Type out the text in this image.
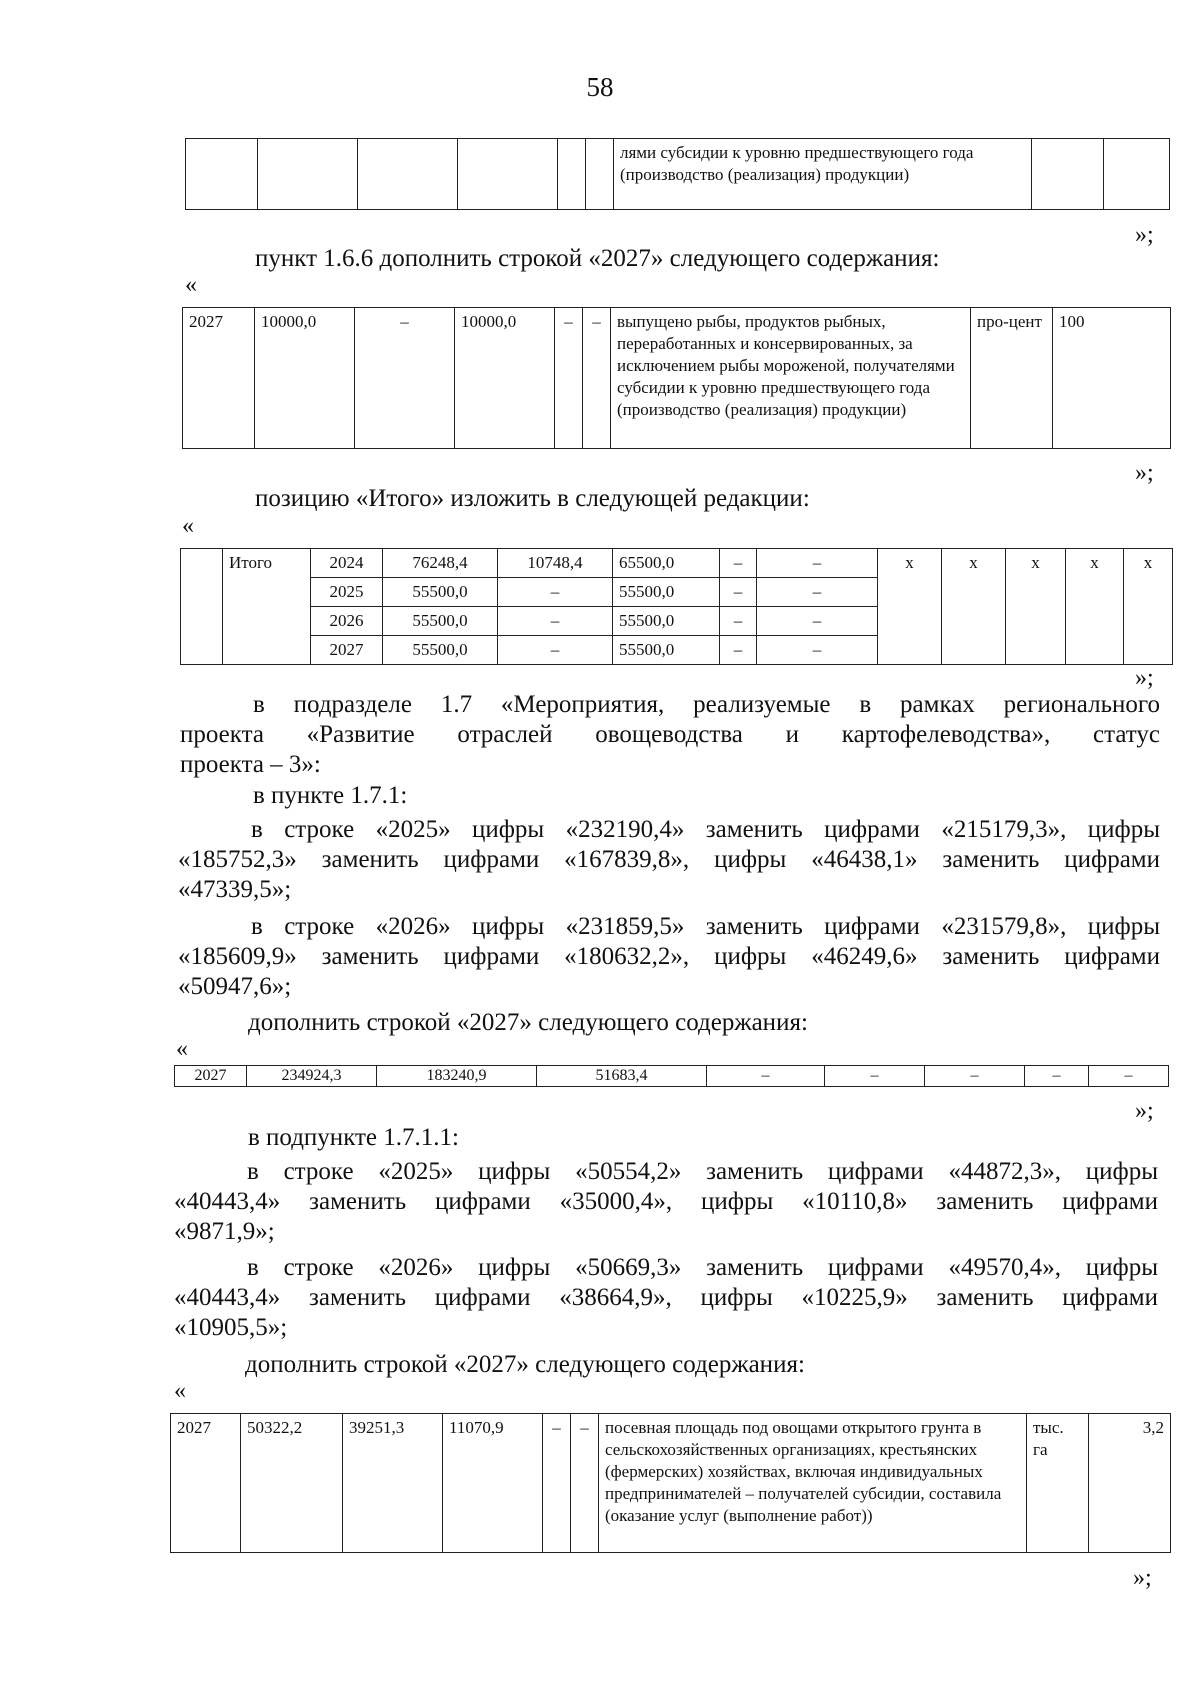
58
						лями субсидии к уровню предшествующего года (производство (реализация) продукции)		
»;
пункт 1.6.6 дополнить строкой «2027» следующего содержания:
«
2027	10000,0	–	10000,0	–	–	выпущено рыбы, продуктов рыбных, переработанных и консервированных, за исключением рыбы мороженой, получателями субсидии к уровню предшествующего года (производство (реализация) продукции)	про-цент	100
»;
позицию «Итого» изложить в следующей редакции:
«
	Итого	2024	76248,4	10748,4	65500,0	–	–	х	х	х	х	х
		2025	55500,0	–	55500,0	–	–					
		2026	55500,0	–	55500,0	–	–					
		2027	55500,0	–	55500,0	–	–					
»;
в подразделе 1.7 «Мероприятия, реализуемые в рамках регионального
проекта «Развитие отраслей овощеводства и картофелеводства», статус
проекта – 3»:
в пункте 1.7.1:
в строке «2025» цифры «232190,4» заменить цифрами «215179,3», цифры
«185752,3» заменить цифрами «167839,8», цифры «46438,1» заменить цифрами
«47339,5»;
в строке «2026» цифры «231859,5» заменить цифрами «231579,8», цифры
«185609,9» заменить цифрами «180632,2», цифры «46249,6» заменить цифрами
«50947,6»;
дополнить строкой «2027» следующего содержания:
«
2027	234924,3	183240,9	51683,4	–	–	–	–	–
»;
в подпункте 1.7.1.1:
в строке «2025» цифры «50554,2» заменить цифрами «44872,3», цифры
«40443,4» заменить цифрами «35000,4», цифры «10110,8» заменить цифрами
«9871,9»;
в строке «2026» цифры «50669,3» заменить цифрами «49570,4», цифры
«40443,4» заменить цифрами «38664,9», цифры «10225,9» заменить цифрами
«10905,5»;
дополнить строкой «2027» следующего содержания:
«
2027	50322,2	39251,3	11070,9	–	–	посевная площадь под овощами открытого грунта в сельскохозяйственных организациях, крестьянских (фермерских) хозяйствах, включая индивидуальных предпринимателей – получателей субсидии, составила (оказание услуг (выполнение работ))	тыс. га	3,2
»;
